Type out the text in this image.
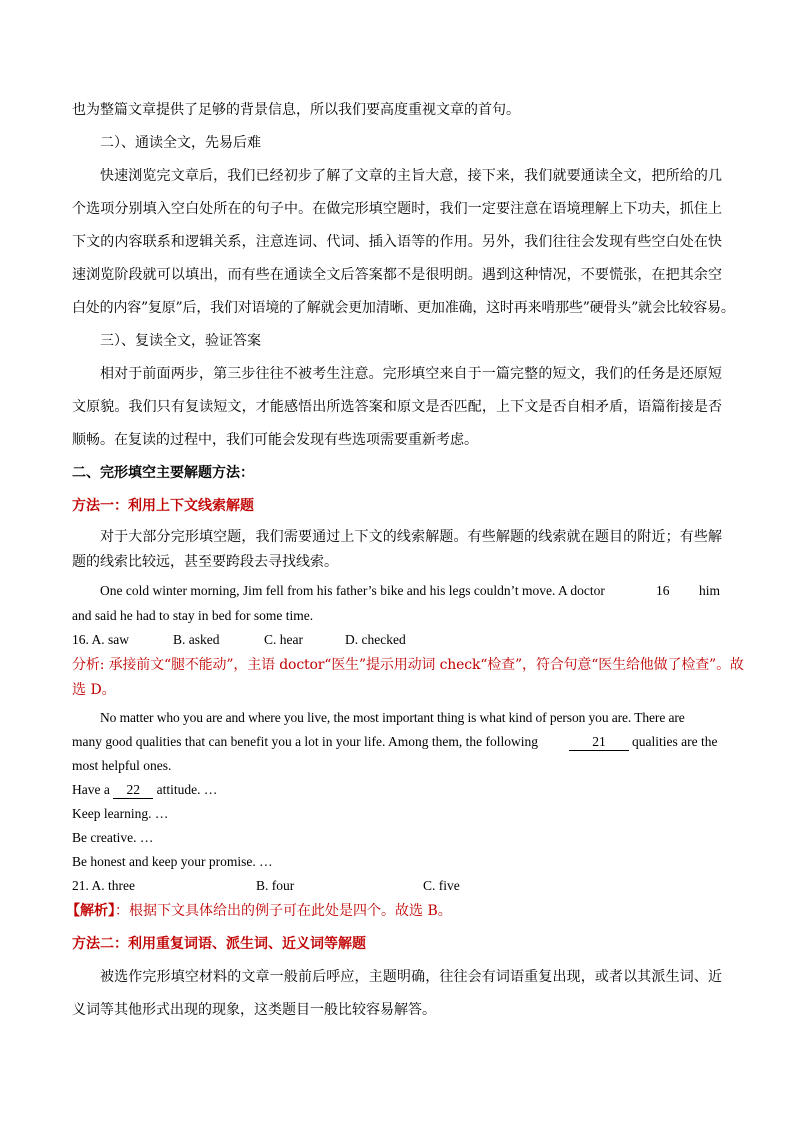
也为整篇文章提供了足够的背景信息，所以我们要高度重视文章的首句。
二）、通读全文，先易后难
快速浏览完文章后，我们已经初步了解了文章的主旨大意，接下来，我们就要通读全文，把所给的几
个选项分别填入空白处所在的句子中。在做完形填空题时，我们一定要注意在语境理解上下功夫，抓住上
下文的内容联系和逻辑关系，注意连词、代词、插入语等的作用。另外，我们往往会发现有些空白处在快
速浏览阶段就可以填出，而有些在通读全文后答案都不是很明朗。遇到这种情况，不要慌张，在把其余空
白处的内容”复原”后，我们对语境的了解就会更加清晰、更加准确，这时再来啃那些”硬骨头”就会比较容易。
三）、复读全文，验证答案
相对于前面两步，第三步往往不被考生注意。完形填空来自于一篇完整的短文，我们的任务是还原短
文原貌。我们只有复读短文，才能感悟出所选答案和原文是否匹配，上下文是否自相矛盾，语篇衔接是否
顺畅。在复读的过程中，我们可能会发现有些选项需要重新考虑。
二、完形填空主要解题方法：
方法一：利用上下文线索解题
对于大部分完形填空题，我们需要通过上下文的线索解题。有些解题的线索就在题目的附近；有些解
题的线索比较远，甚至要跨段去寻找线索。
One cold winter morning, Jim fell from his father’s bike and his legs couldn’t move. A doctor	16 him
and said he had to stay in bed for some time.
16. A. saw	B. asked	C. hear	D. checked
分析: 承接前文“腿不能动”，主语 doctor“医生”提示用动词 check“检查”，符合句意“医生给他做了检查”。故
选 D。
No matter who you are and where you live, the most important thing is what kind of person you are. There are
many good qualities that can benefit you a lot in your life. Among them, the following	21	qualities are the
most helpful ones.
Have a 22 attitude. …
Keep learning. …
Be creative. …
Be honest and keep your promise. …
21. A. three	B. four	C. five
【解析】：根据下文具体给出的例子可在此处是四个。故选 B。
方法二：利用重复词语、派生词、近义词等解题
被选作完形填空材料的文章一般前后呼应，主题明确，往往会有词语重复出现，或者以其派生词、近
义词等其他形式出现的现象，这类题目一般比较容易解答。
